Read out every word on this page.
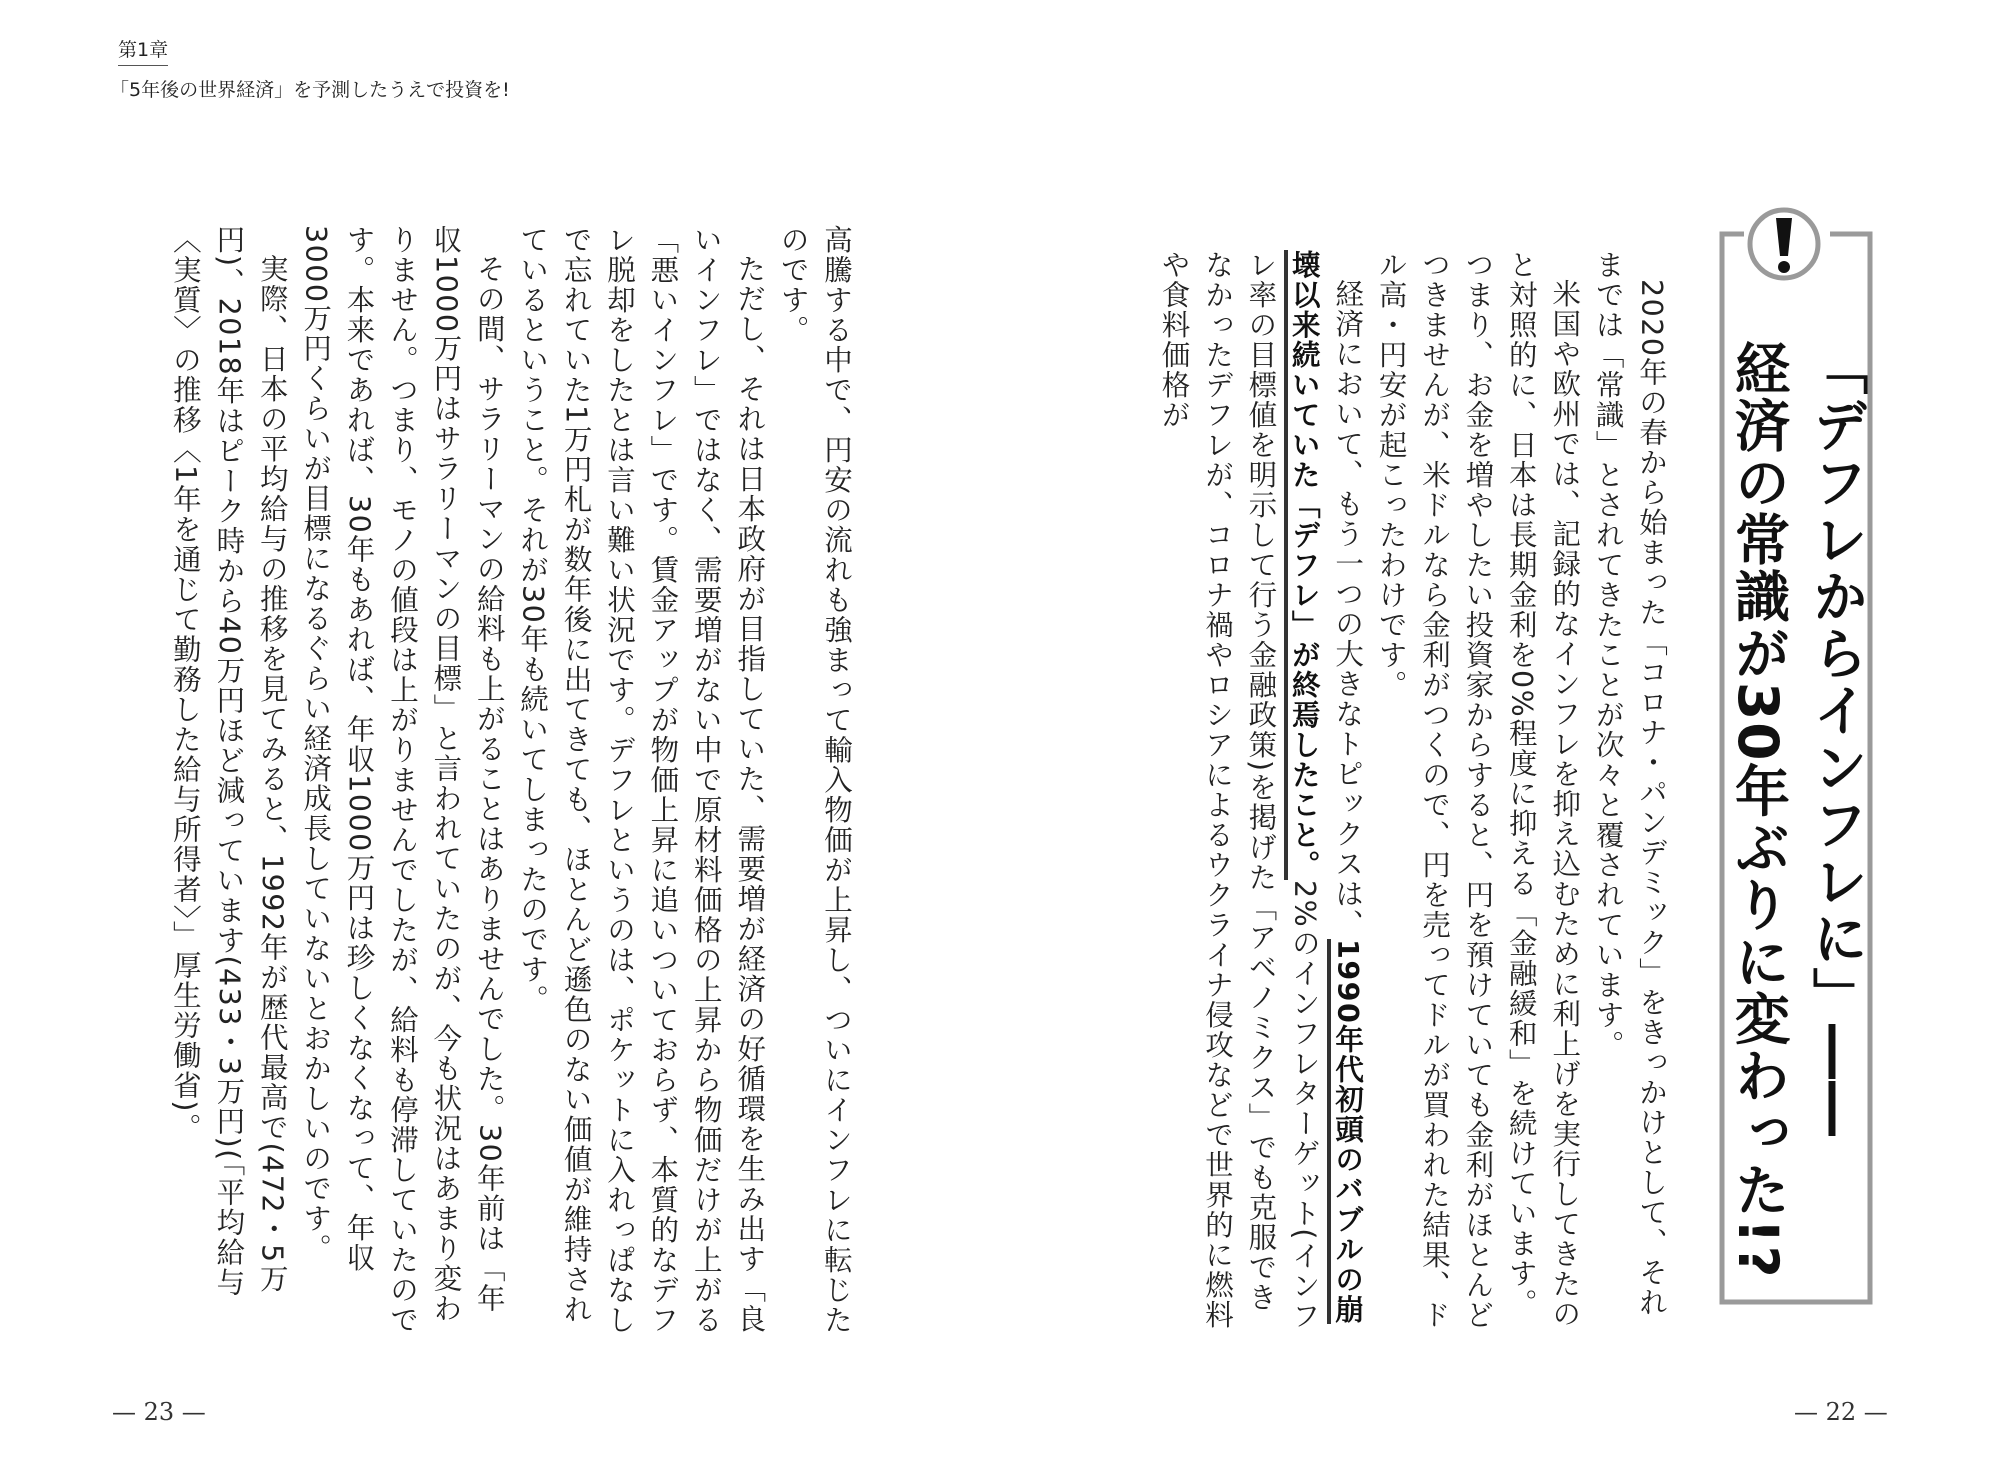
第1章
「5年後の世界経済」を予測したうえで投資を!
「デフレからインフレに」――
経済の常識が30年ぶりに変わった!?

2020年の春から始まった「コロナ・パンデミック」をきっかけとして、それまでは「常識」とされてきたことが次々と覆されています。

米国や欧州では、記録的なインフレを抑え込むために利上げを実行してきたのと対照的に、日本は長期金利を0%程度に抑える「金融緩和」を続けています。つまり、お金を増やしたい投資家からすると、円を預けていても金利がほとんどつきませんが、米ドルなら金利がつくので、円を売ってドルが買われた結果、ドル高・円安が起こったわけです。

経済において、もう一つの大きなトピックスは、1990年代初頭のバブルの崩壊以来続いていた「デフレ」が終焉したこと。2%のインフレターゲット(インフレ率の目標値を明示して行う金融政策)を掲げた「アベノミクス」でも克服できなかったデフレが、コロナ禍やロシアによるウクライナ侵攻などで世界的に燃料や食料価格が

高騰する中で、円安の流れも強まって輸入物価が上昇し、ついにインフレに転じたのです。

ただし、それは日本政府が目指していた、需要増が経済の好循環を生み出す「良いインフレ」ではなく、需要増がない中で原材料価格の上昇から物価だけが上がる「悪いインフレ」です。賃金アップが物価上昇に追いついておらず、本質的なデフレ脱却をしたとは言い難い状況です。デフレというのは、ポケットに入れっぱなしで忘れていた1万円札が数年後に出てきても、ほとんど遜色のない価値が維持されているということ。それが30年も続いてしまったのです。

その間、サラリーマンの給料も上がることはありませんでした。30年前は「年収1000万円はサラリーマンの目標」と言われていたのが、今も状況はあまり変わりません。つまり、モノの値段は上がりませんでしたが、給料も停滞していたのです。本来であれば、30年もあれば、年収1000万円は珍しくなくなって、年収3000万円くらいが目標になるぐらい経済成長していないとおかしいのです。

実際、日本の平均給与の推移を見てみると、1992年が歴代最高で(472・5万円)、2018年はピーク時から40万円ほど減っています(433・3万円)(「平均給与〈実質〉の推移〈1年を通じて勤務した給与所得者〉」厚生労働省)。

— 23 —	— 22 —
